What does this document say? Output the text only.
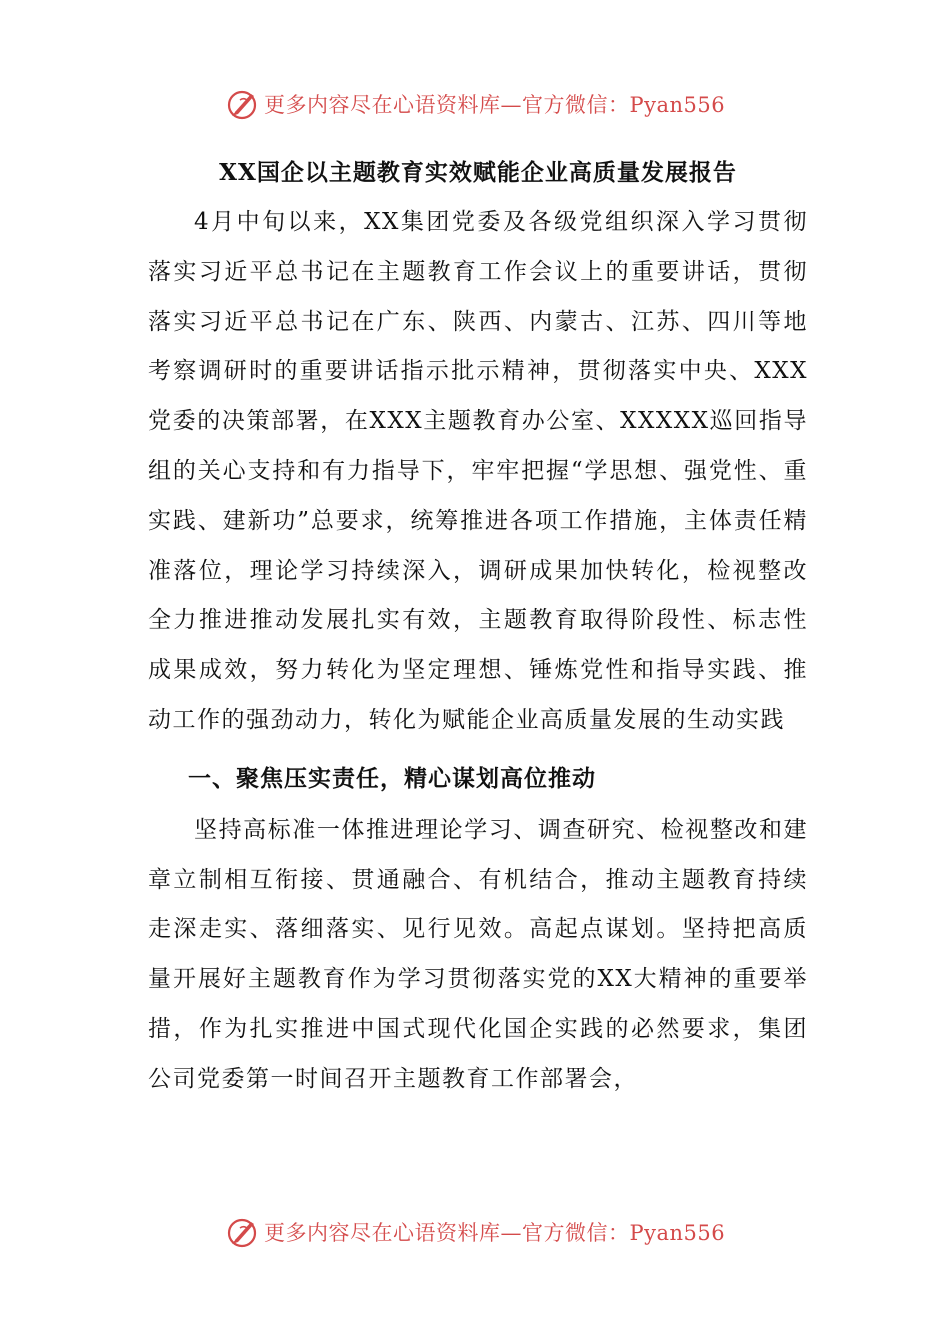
更多内容尽在心语资料库—官方微信：Pyan556
XX国企以主题教育实效赋能企业高质量发展报告

4月中旬以来，XX集团党委及各级党组织深入学习贯彻落实习近平总书记在主题教育工作会议上的重要讲话，贯彻落实习近平总书记在广东、陕西、内蒙古、江苏、四川等地考察调研时的重要讲话指示批示精神，贯彻落实中央、XXX党委的决策部署，在XXX主题教育办公室、XXXXX巡回指导组的关心支持和有力指导下，牢牢把握“学思想、强党性、重实践、建新功”总要求，统筹推进各项工作措施，主体责任精准落位，理论学习持续深入，调研成果加快转化，检视整改全力推进推动发展扎实有效，主题教育取得阶段性、标志性成果成效，努力转化为坚定理想、锤炼党性和指导实践、推动工作的强劲动力，转化为赋能企业高质量发展的生动实践

一、聚焦压实责任，精心谋划高位推动

坚持高标准一体推进理论学习、调查研究、检视整改和建章立制相互衔接、贯通融合、有机结合，推动主题教育持续走深走实、落细落实、见行见效。高起点谋划。坚持把高质量开展好主题教育作为学习贯彻落实党的XX大精神的重要举措，作为扎实推进中国式现代化国企实践的必然要求，集团公司党委第一时间召开主题教育工作部署会，

更多内容尽在心语资料库—官方微信：Pyan556
